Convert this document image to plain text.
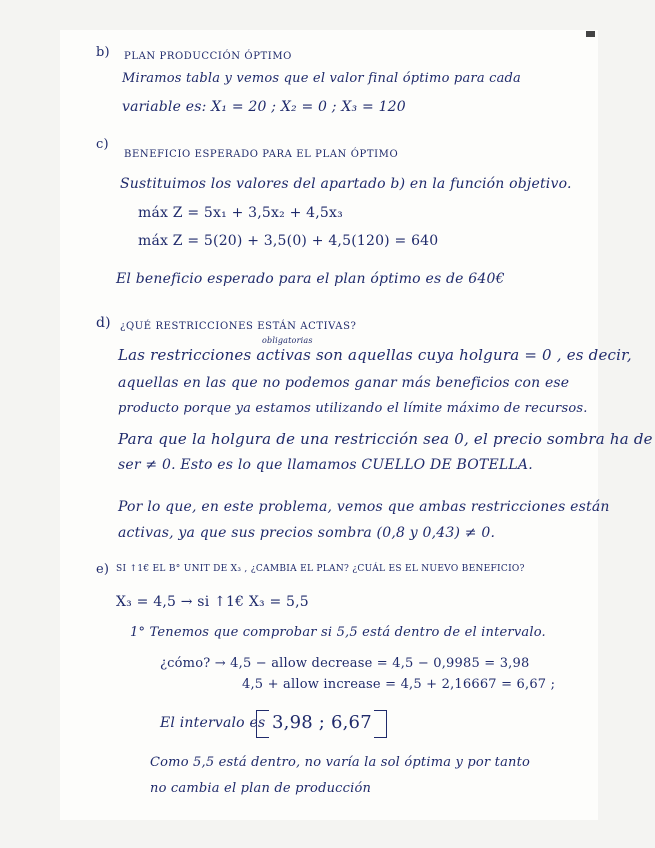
b) PLAN PRODUCCIÓN ÓPTIMO
Miramos tabla y vemos que el valor final óptimo para cada
variable es: X₁ = 20 ; X₂ = 0 ; X₃ = 120
c)
BENEFICIO ESPERADO PARA EL PLAN ÓPTIMO
Sustituimos los valores del apartado b) en la función objetivo.
máx Z = 5x₁ + 3,5x₂ + 4,5x₃
máx Z = 5(20) + 3,5(0) + 4,5(120) = 640
El beneficio esperado para el plan óptimo es de 640€
d) ¿QUÉ RESTRICCIONES ESTÁN ACTIVAS?
obligatorias
Las restricciones activas son aquellas cuya holgura = 0 , es decir,
aquellas en las que no podemos ganar más beneficios con ese
producto porque ya estamos utilizando el límite máximo de recursos.
Para que la holgura de una restricción sea 0, el precio sombra ha de
ser ≠ 0. Esto es lo que llamamos CUELLO DE BOTELLA.
Por lo que, en este problema, vemos que ambas restricciones están
activas, ya que sus precios sombra (0,8 y 0,43) ≠ 0.
e) SI ↑1€ EL B° UNIT DE X₃ , ¿CAMBIA EL PLAN? ¿CUÁL ES EL NUEVO BENEFICIO?
X₃ = 4,5 → si ↑1€ X₃ = 5,5
1° Tenemos que comprobar si 5,5 está dentro de el intervalo.
¿cómo? → 4,5 − allow decrease = 4,5 − 0,9985 = 3,98
4,5 + allow increase = 4,5 + 2,16667 = 6,67 ;
El intervalo es 3,98 ; 6,67
Como 5,5 está dentro, no varía la sol óptima y por tanto
no cambia el plan de producción
